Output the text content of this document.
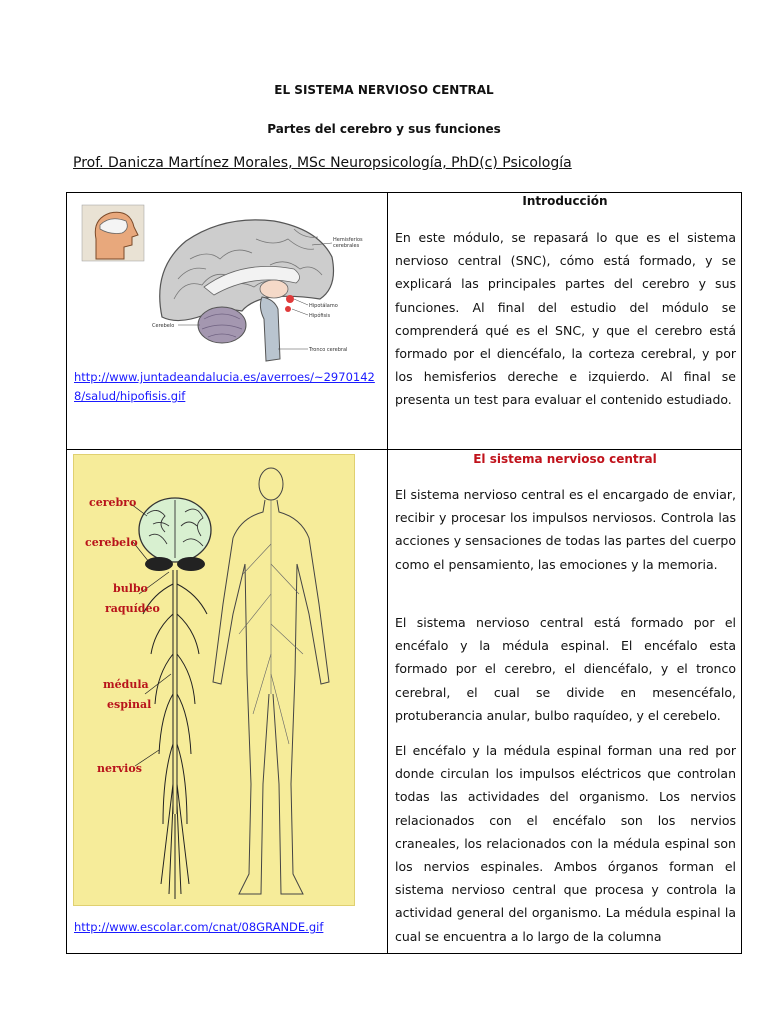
EL SISTEMA NERVIOSO CENTRAL
Partes del cerebro y sus funciones
Prof. Danicza Martínez Morales, MSc Neuropsicología, PhD(c) Psicología
Hemisferios
cerebrales
Hipotálamo
Hipófisis
Tronco cerebral
Cerebelo
http://www.juntadeandalucia.es/averroes/~29701428/salud/hipofisis.gif
Introducción

En este módulo, se repasará lo que es el sistema nervioso central (SNC), cómo está formado, y se explicará las principales partes del cerebro y sus funciones. Al final del estudio del módulo se comprenderá qué es el SNC, y que el cerebro está formado por el diencéfalo, la corteza cerebral, y por los hemisferios dereche e izquierdo. Al final se presenta un test para evaluar el contenido estudiado.

cerebro
cerebelo
bulbo
raquídeo
médula
espinal
nervios
http://www.escolar.com/cnat/08GRANDE.gif
El sistema nervioso central

El sistema nervioso central es el encargado de enviar, recibir y procesar los impulsos nerviosos. Controla las acciones y sensaciones de todas las partes del cuerpo como el pensamiento, las emociones y la memoria.

El sistema nervioso central está formado por el encéfalo y la médula espinal. El encéfalo esta formado por el cerebro, el diencéfalo, y el tronco cerebral, el cual se divide en mesencéfalo, protuberancia anular, bulbo raquídeo, y el cerebelo.

El encéfalo y la médula espinal forman una red por donde circulan los impulsos eléctricos que controlan todas las actividades del organismo. Los nervios relacionados con el encéfalo son los nervios craneales, los relacionados con la médula espinal son los nervios espinales. Ambos órganos forman el sistema nervioso central que procesa y controla la actividad general del organismo. La médula espinal la cual se encuentra a lo largo de la columna
